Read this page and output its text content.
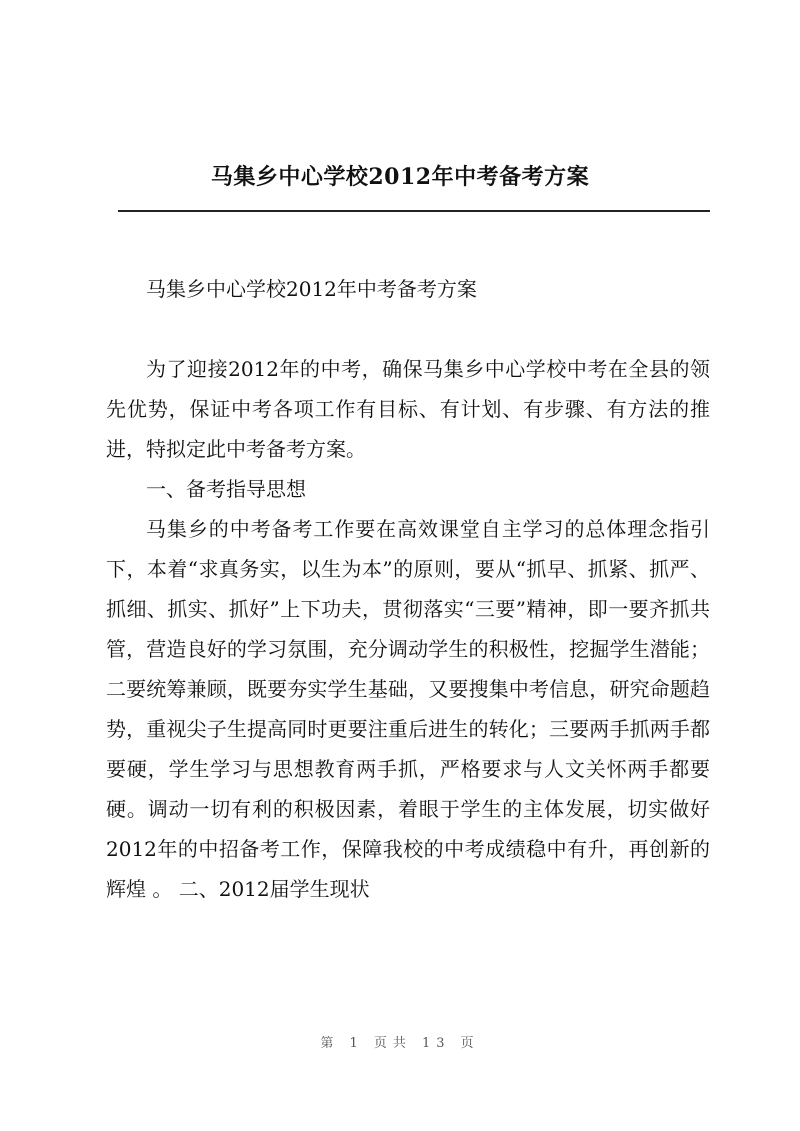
马集乡中心学校2012年中考备考方案

马集乡中心学校2012年中考备考方案

为了迎接2012年的中考，确保马集乡中心学校中考在全县的领先优势，保证中考各项工作有目标、有计划、有步骤、有方法的推进，特拟定此中考备考方案。

一、备考指导思想

马集乡的中考备考工作要在高效课堂自主学习的总体理念指引下，本着“求真务实，以生为本”的原则，要从“抓早、抓紧、抓严、抓细、抓实、抓好”上下功夫，贯彻落实“三要”精神，即一要齐抓共管，营造良好的学习氛围，充分调动学生的积极性，挖掘学生潜能；二要统筹兼顾，既要夯实学生基础，又要搜集中考信息，研究命题趋势，重视尖子生提高同时更要注重后进生的转化；三要两手抓两手都要硬，学生学习与思想教育两手抓，严格要求与人文关怀两手都要硬。调动一切有利的积极因素，着眼于学生的主体发展，切实做好2012年的中招备考工作，保障我校的中考成绩稳中有升，再创新的辉煌 。 二、2012届学生现状

第 1 页共 13 页
